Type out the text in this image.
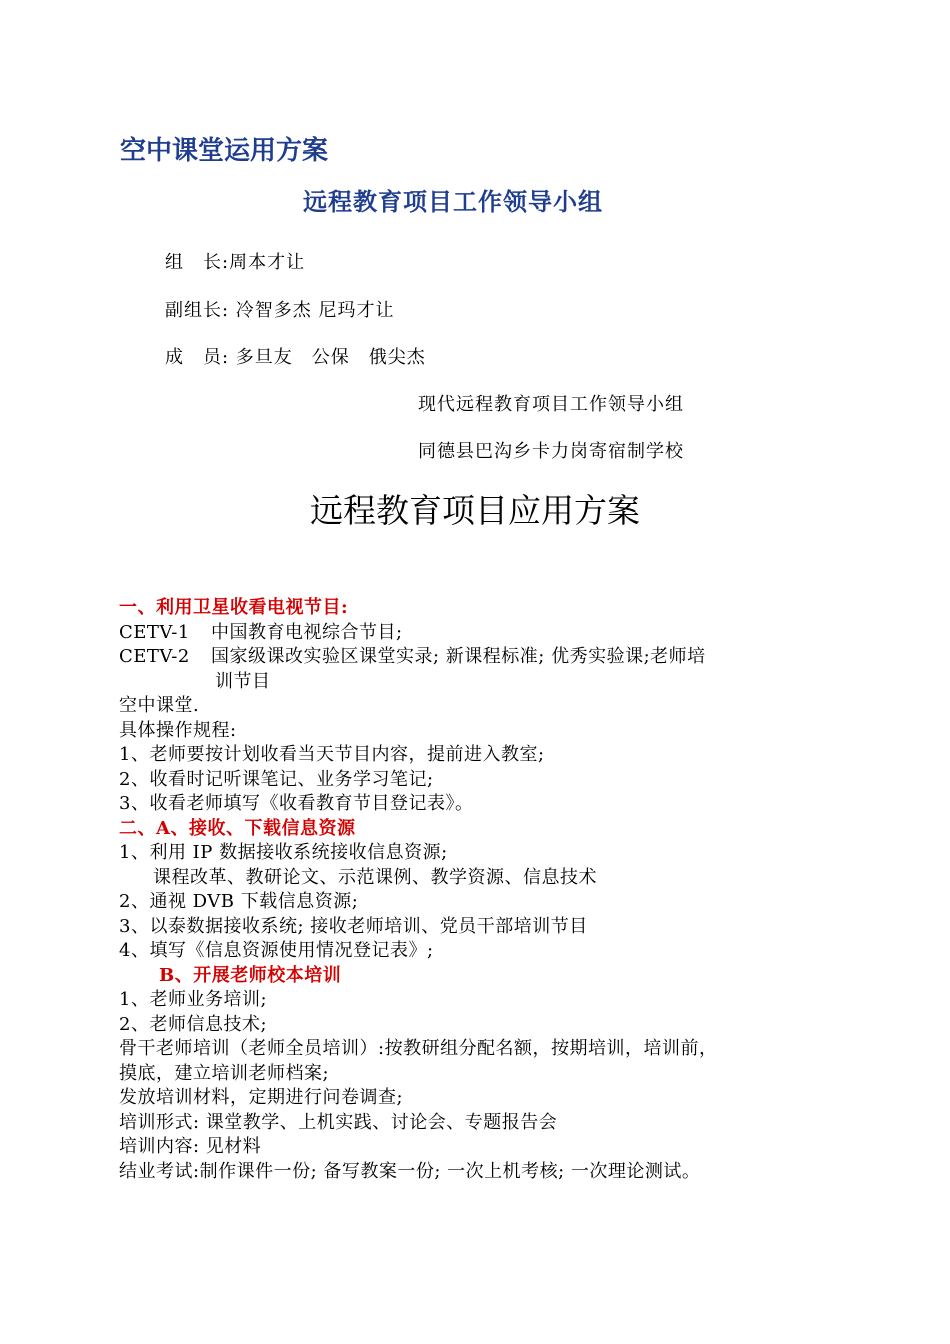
空中课堂运用方案
远程教育项目工作领导小组
组　长:周本才让
副组长: 冷智多杰 尼玛才让
成　员: 多旦友　公保　俄尖杰
现代远程教育项目工作领导小组
同德县巴沟乡卡力岗寄宿制学校
远程教育项目应用方案
一、利用卫星收看电视节目:
CETV-1 中国教育电视综合节目;
CETV-2 国家级课改实验区课堂实录; 新课程标准; 优秀实验课;老师培
训节目
空中课堂.
具体操作规程:
1、老师要按计划收看当天节目内容，提前进入教室;
2、收看时记听课笔记、业务学习笔记;
3、收看老师填写《收看教育节目登记表》。
二、A、接收、下载信息资源
1、利用 IP 数据接收系统接收信息资源;
课程改革、教研论文、示范课例、教学资源、信息技术
2、通视 DVB 下载信息资源;
3、以泰数据接收系统; 接收老师培训、党员干部培训节目
4、填写《信息资源使用情况登记表》;
B、开展老师校本培训
1、老师业务培训;
2、老师信息技术;
骨干老师培训（老师全员培训）:按教研组分配名额，按期培训，培训前，
摸底，建立培训老师档案;
发放培训材料，定期进行问卷调查;
培训形式: 课堂教学、上机实践、讨论会、专题报告会
培训内容: 见材料
结业考试:制作课件一份; 备写教案一份; 一次上机考核; 一次理论测试。
